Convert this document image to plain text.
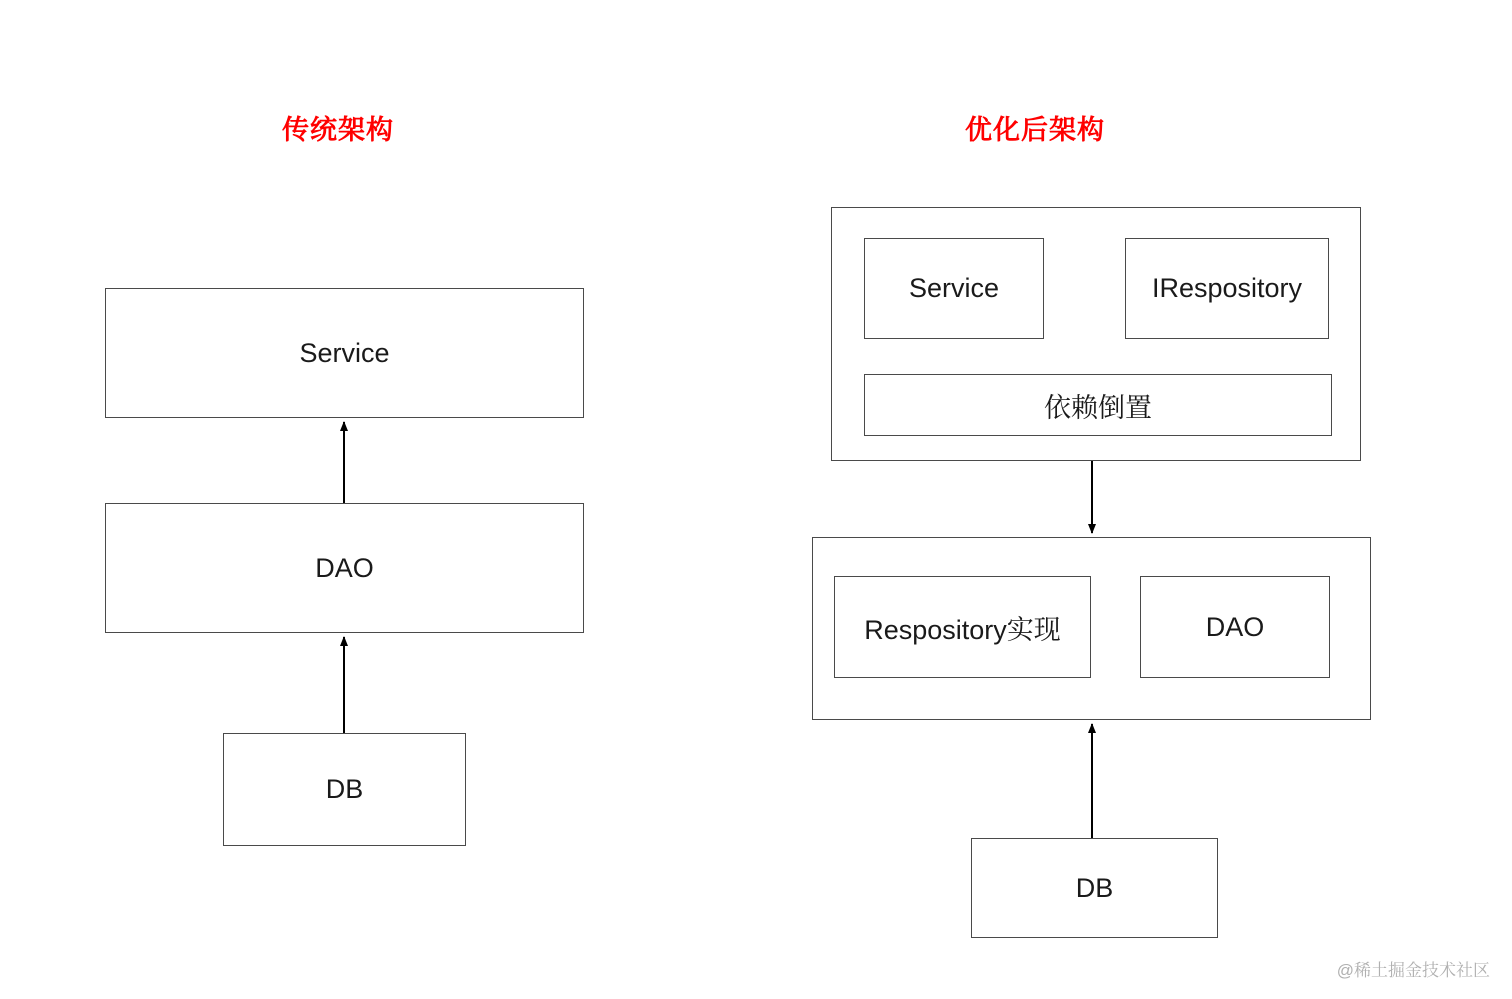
传统架构
Service
DAO
DB
优化后架构
Service	IRespository
依赖倒置
Respository实现	DAO
DB
@稀土掘金技术社区
